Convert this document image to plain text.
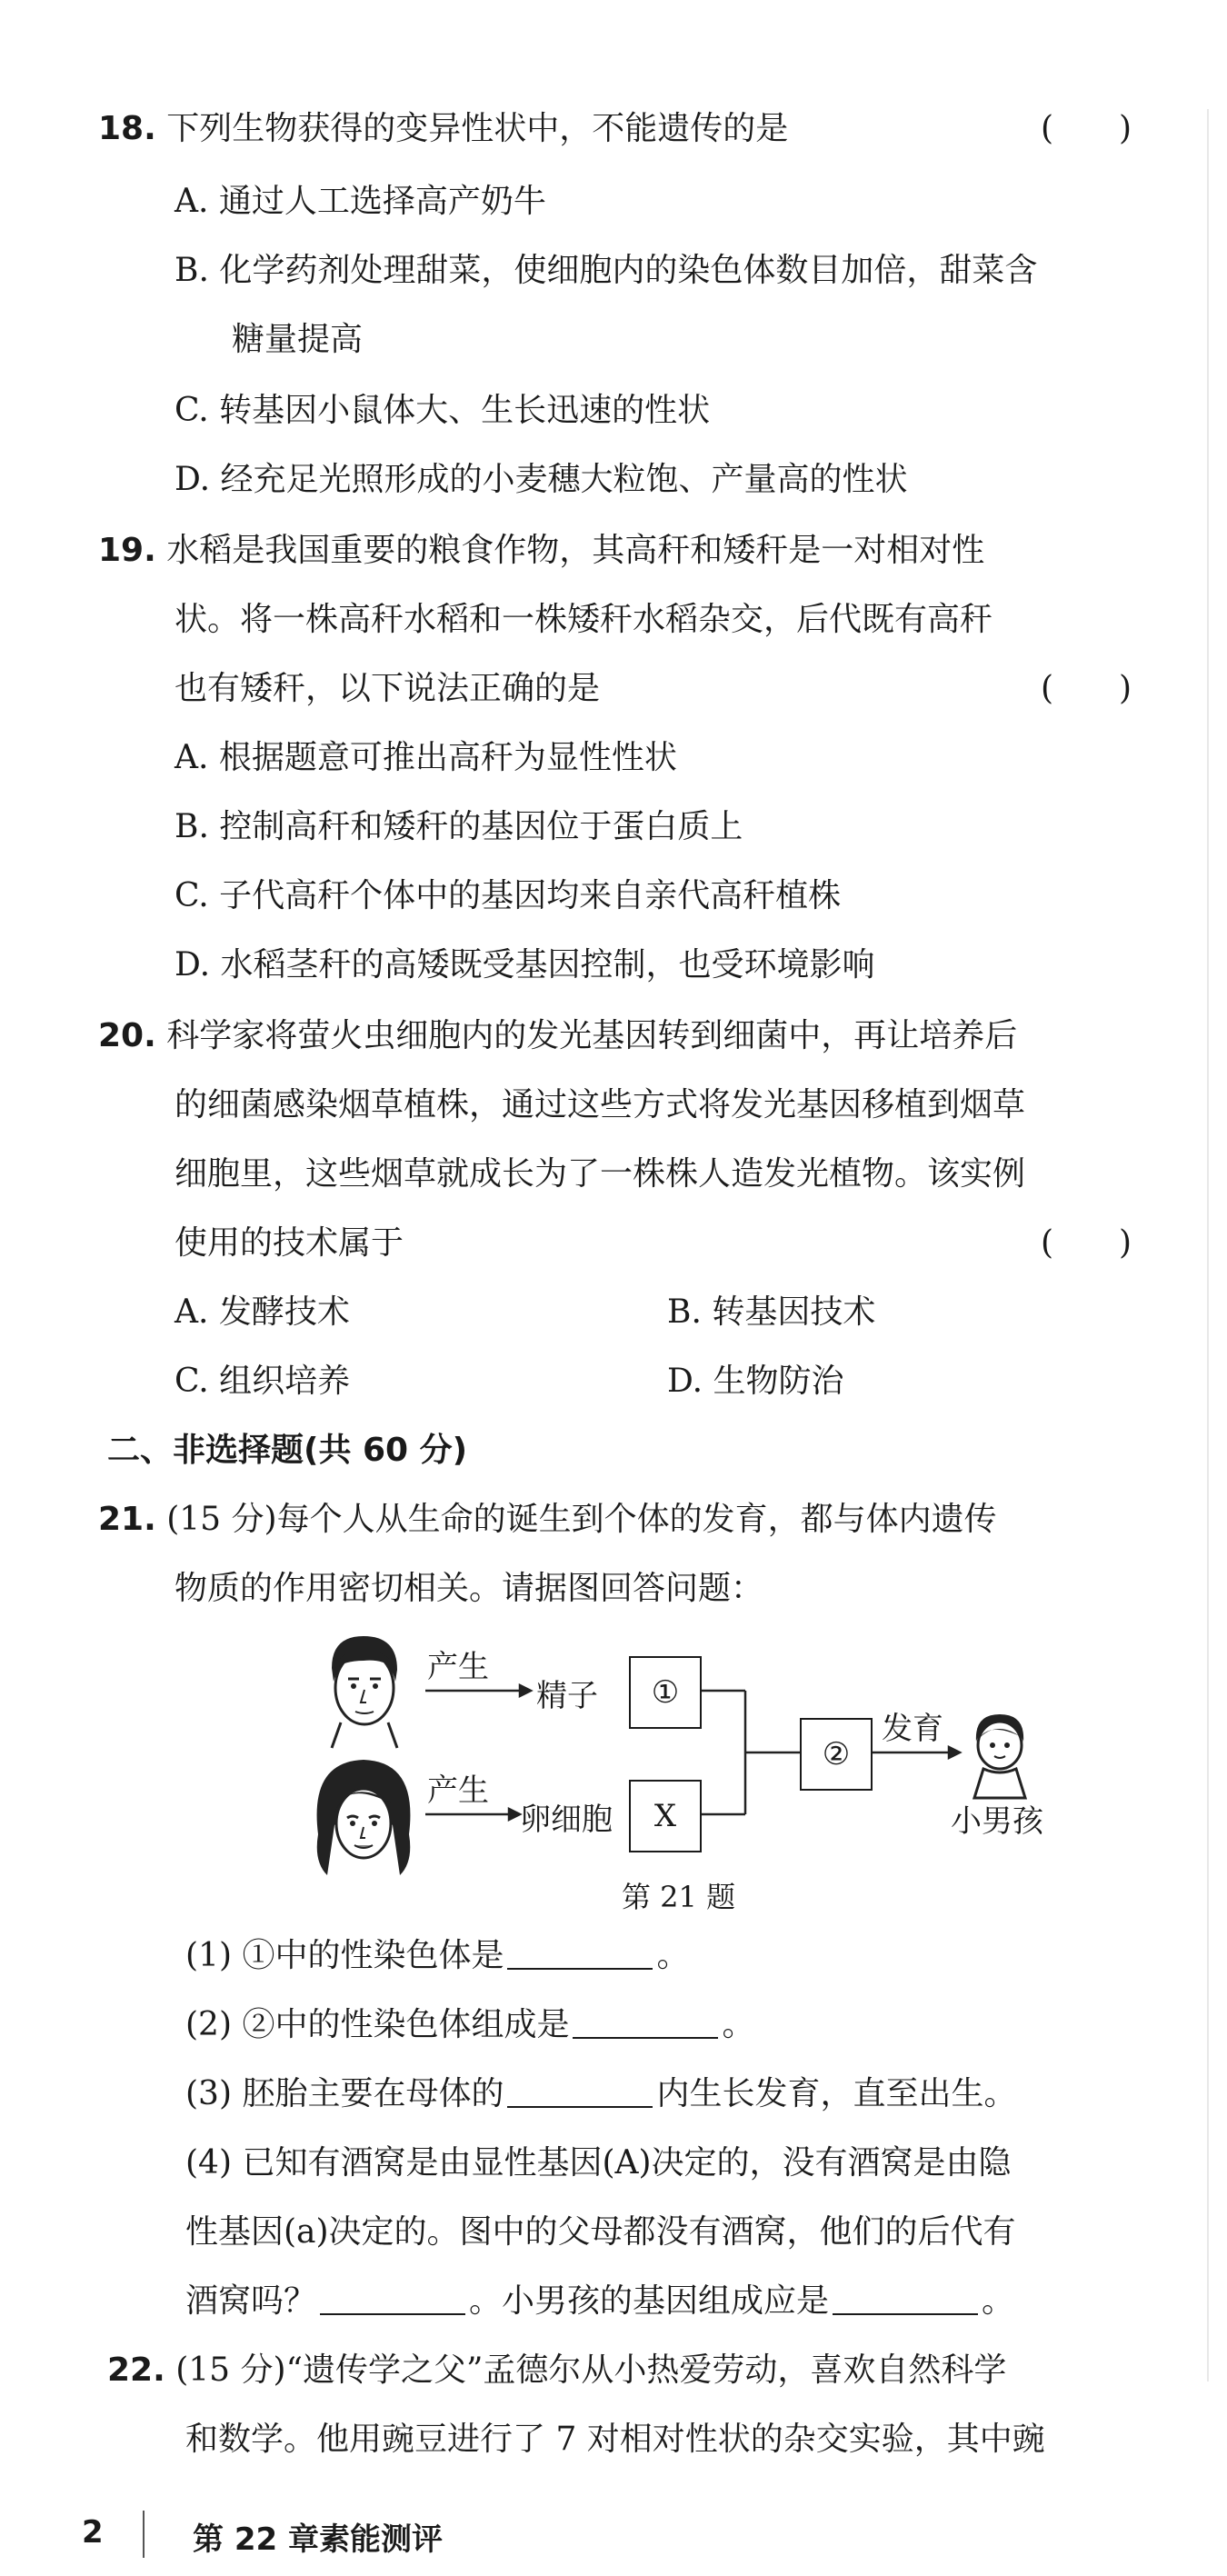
18. 下列生物获得的变异性状中，不能遗传的是	(　　)
A. 通过人工选择高产奶牛
B. 化学药剂处理甜菜，使细胞内的染色体数目加倍，甜菜含
糖量提高
C. 转基因小鼠体大、生长迅速的性状
D. 经充足光照形成的小麦穗大粒饱、产量高的性状
19. 水稻是我国重要的粮食作物，其高秆和矮秆是一对相对性
状。将一株高秆水稻和一株矮秆水稻杂交，后代既有高秆
也有矮秆，以下说法正确的是	(　　)
A. 根据题意可推出高秆为显性性状
B. 控制高秆和矮秆的基因位于蛋白质上
C. 子代高秆个体中的基因均来自亲代高秆植株
D. 水稻茎秆的高矮既受基因控制，也受环境影响
20. 科学家将萤火虫细胞内的发光基因转到细菌中，再让培养后
的细菌感染烟草植株，通过这些方式将发光基因移植到烟草
细胞里，这些烟草就成长为了一株株人造发光植物。该实例
使用的技术属于	(　　)
A. 发酵技术	B. 转基因技术
C. 组织培养	D. 生物防治
二、非选择题(共 60 分)
21. (15 分)每个人从生命的诞生到个体的发育，都与体内遗传
物质的作用密切相关。请据图回答问题：
产生
精子	①
产生
卵细胞	X
②
发育
小男孩
第 21 题
(1) ①中的性染色体是	。
(2) ②中的性染色体组成是	。
(3) 胚胎主要在母体的	内生长发育，直至出生。
(4) 已知有酒窝是由显性基因(A)决定的，没有酒窝是由隐
性基因(a)决定的。图中的父母都没有酒窝，他们的后代有
酒窝吗？	。小男孩的基因组成应是	。
22. (15 分)“遗传学之父”孟德尔从小热爱劳动，喜欢自然科学
和数学。他用豌豆进行了 7 对相对性状的杂交实验，其中豌
2	第 22 章素能测评
